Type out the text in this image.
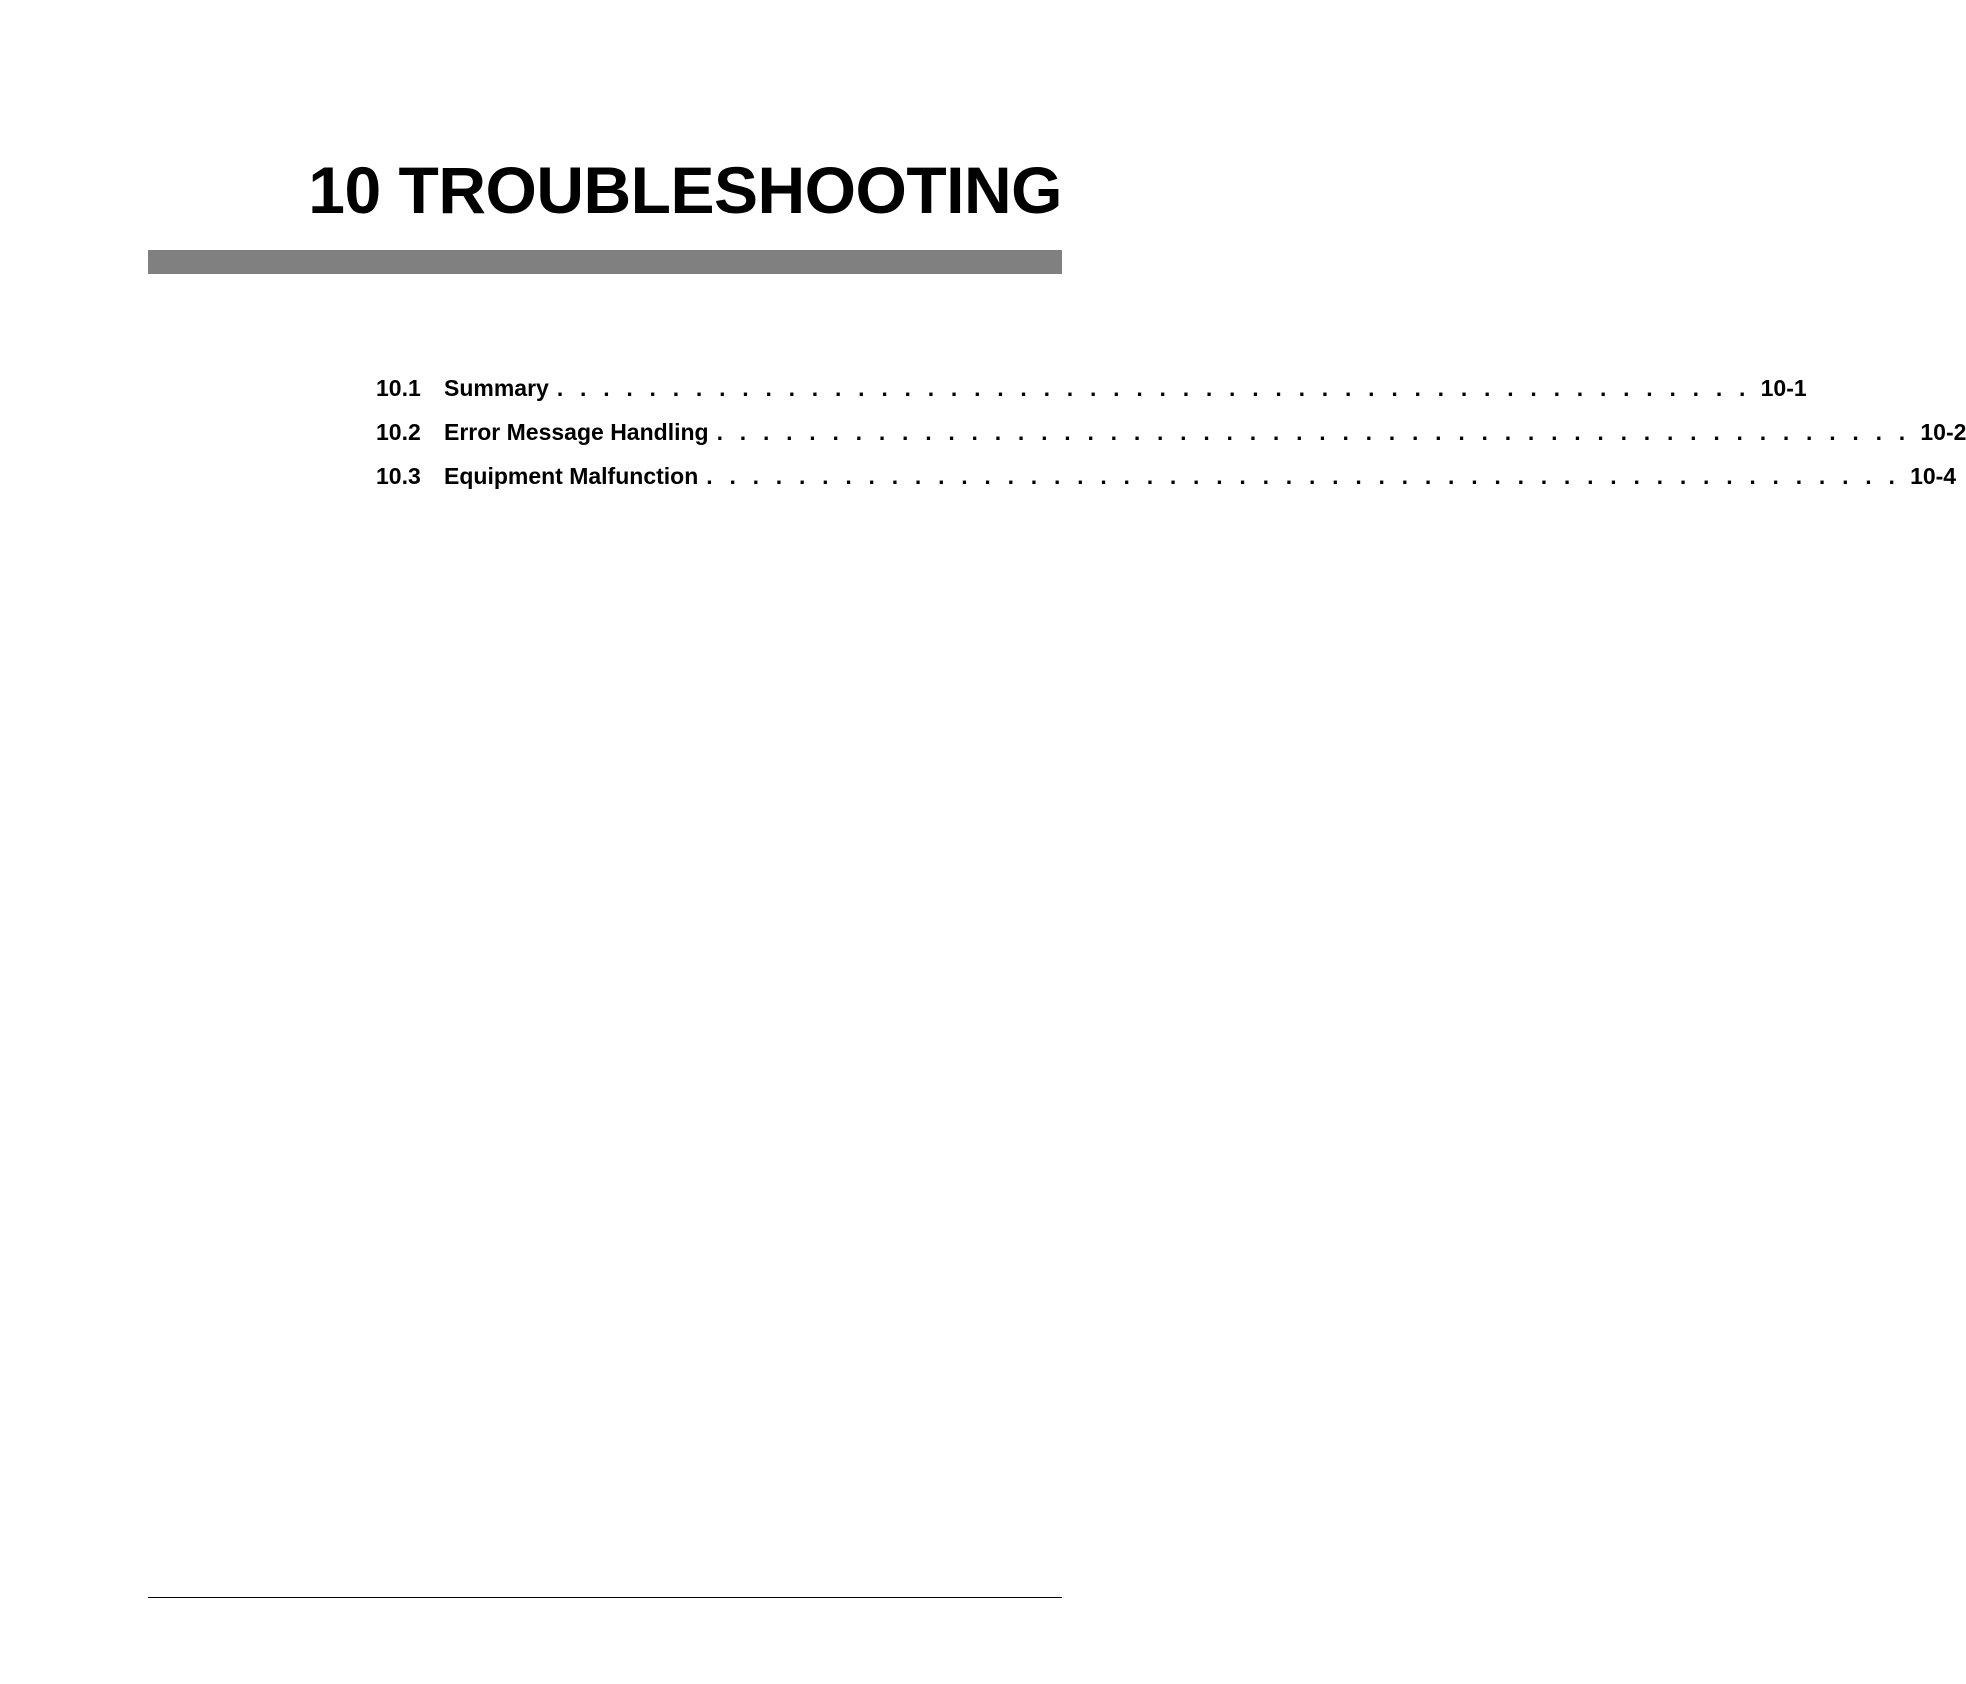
10 TROUBLESHOOTING
10.1	Summary . . . . . . . . . . . . . . . . . . . . . . . . . . . . . . . . . . . . . . . . . . . . . . . . . . . . 10-1
10.2	Error Message Handling . . . . . . . . . . . . . . . . . . . . . . . . . . . . . . . . . . . . . . . . . . . . . . . . . . . . 10-2
10.3	Equipment Malfunction . . . . . . . . . . . . . . . . . . . . . . . . . . . . . . . . . . . . . . . . . . . . . . . . . . . . 10-4
